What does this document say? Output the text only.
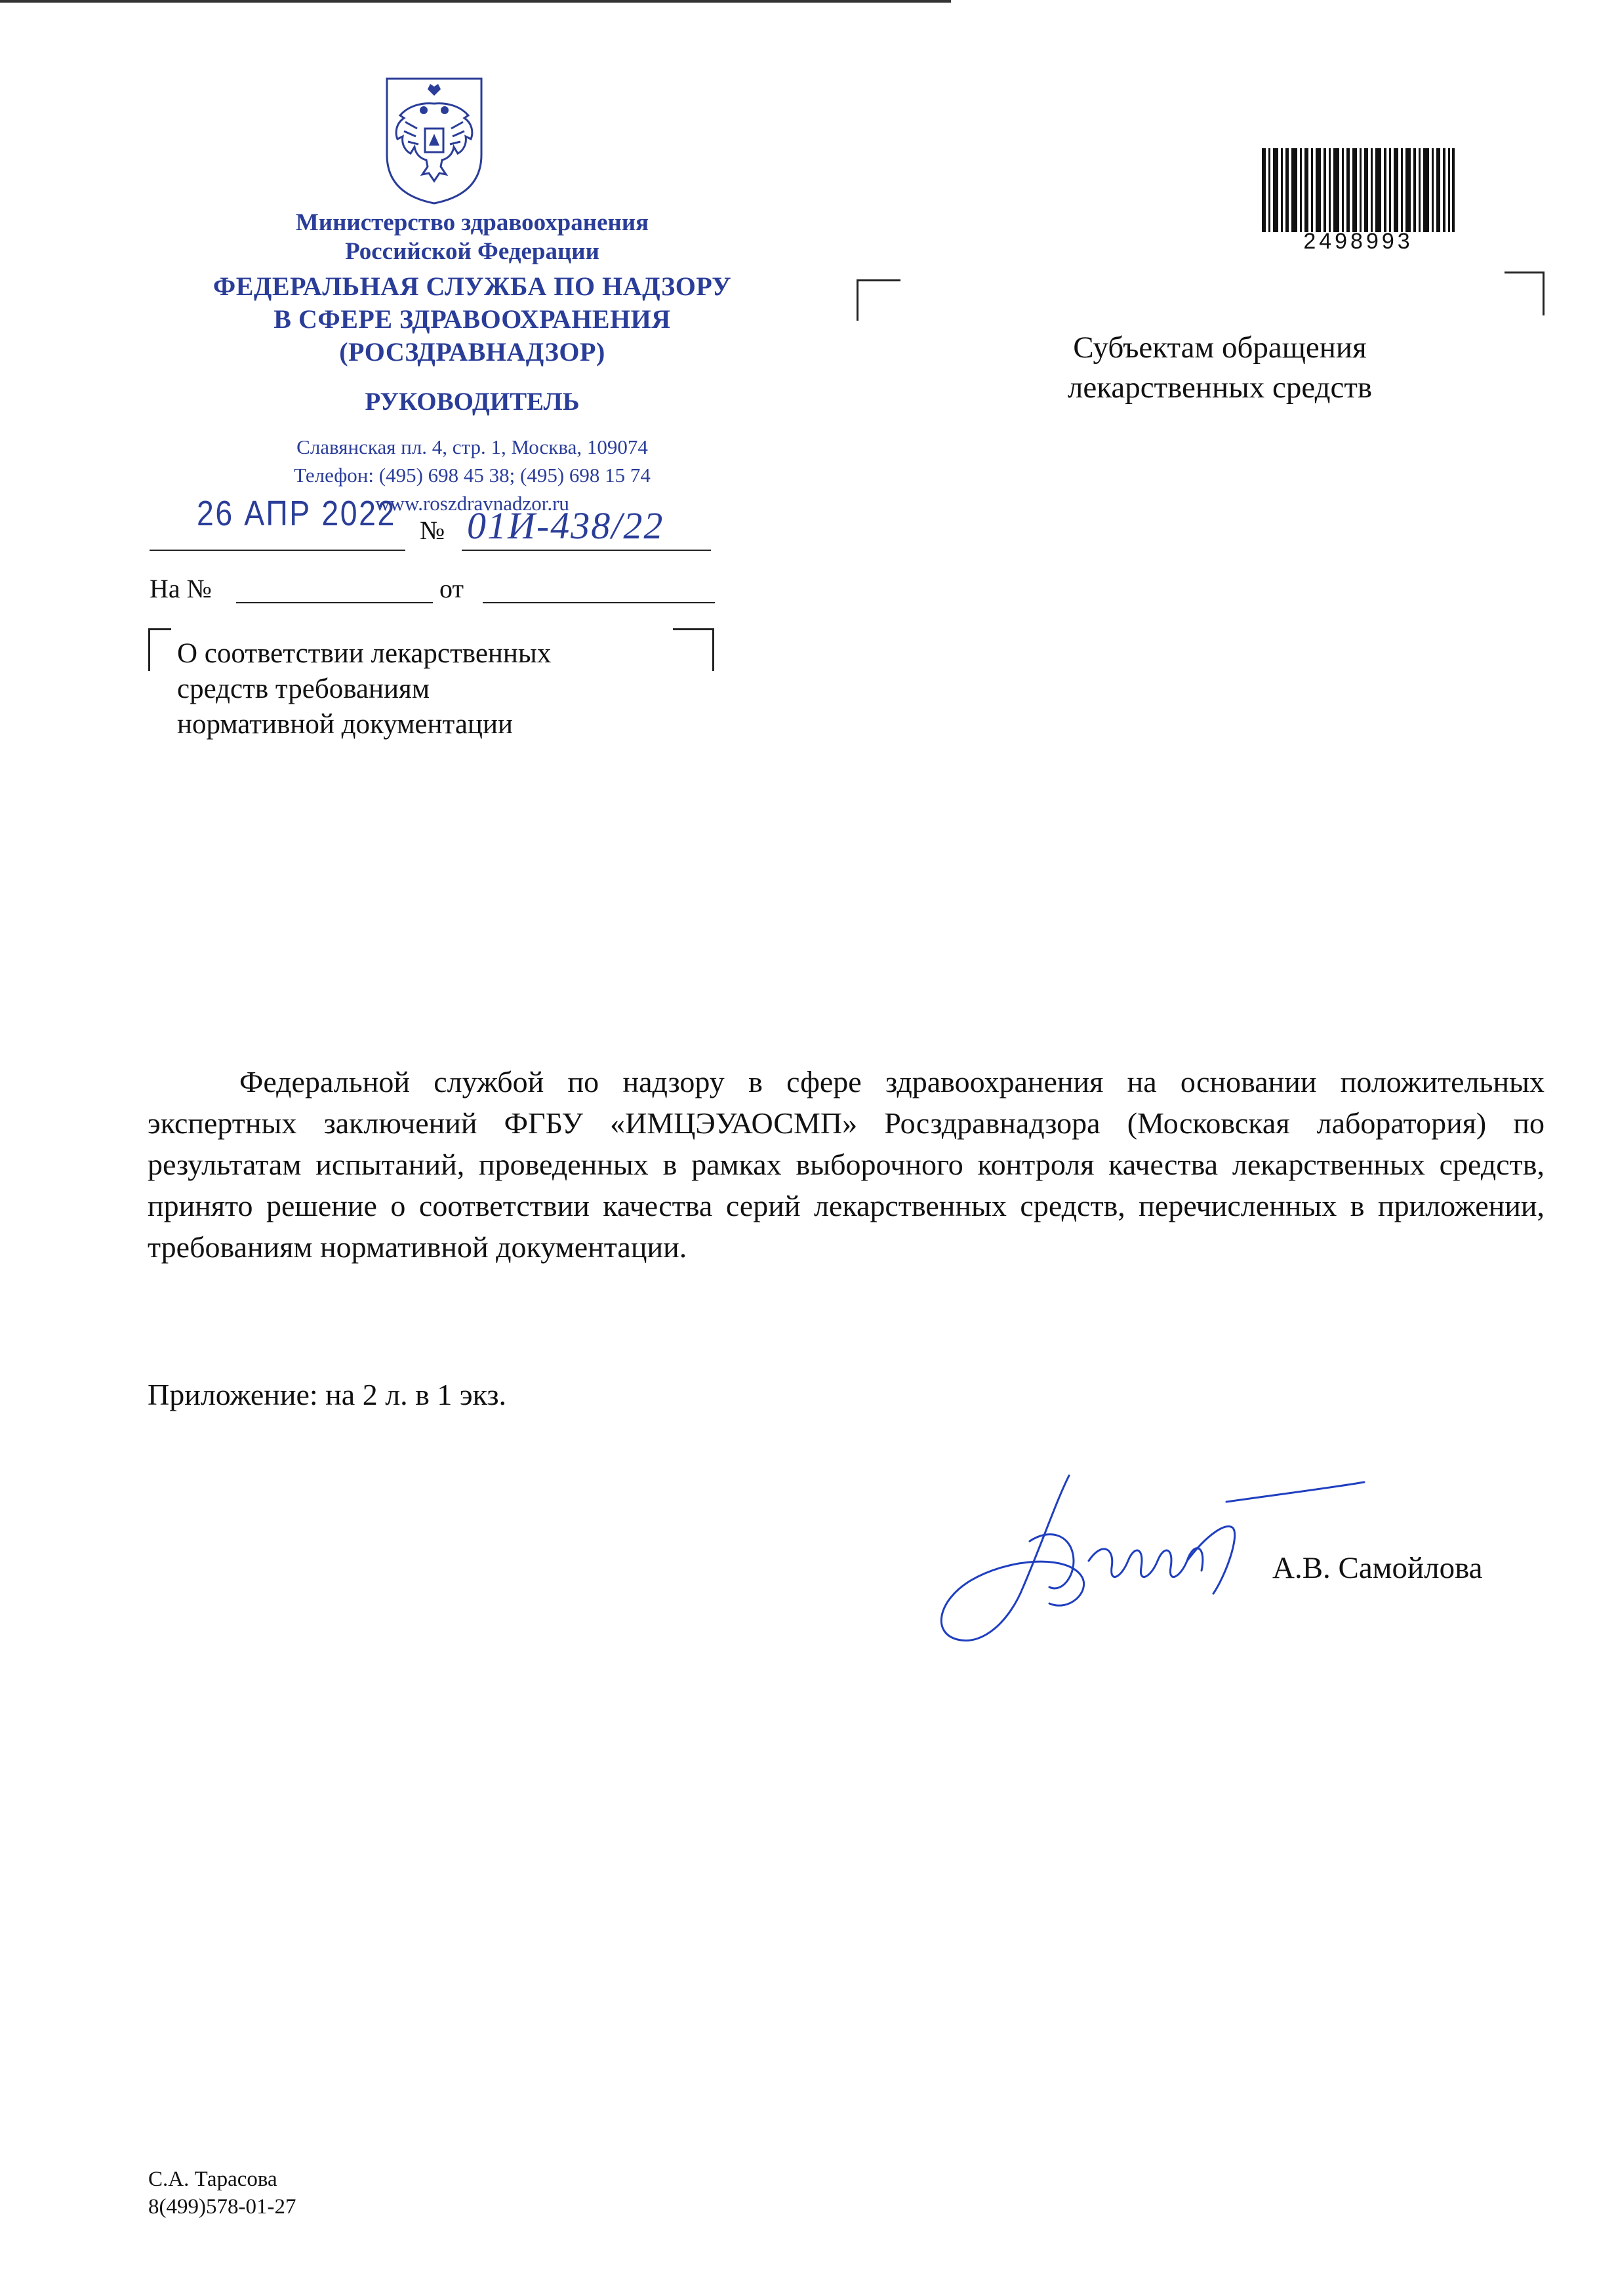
Министерство здравоохранения
Российской Федерации
ФЕДЕРАЛЬНАЯ СЛУЖБА ПО НАДЗОРУ
В СФЕРЕ ЗДРАВООХРАНЕНИЯ
(РОСЗДРАВНАДЗОР)
РУКОВОДИТЕЛЬ
Славянская пл. 4, стр. 1, Москва, 109074
Телефон: (495) 698 45 38; (495) 698 15 74
www.roszdravnadzor.ru
26 АПР 2022 № 01И-438/22
На №	от
О соответствии лекарственных
средств требованиям
нормативной документации
2498993
Субъектам обращения
лекарственных средств

Федеральной службой по надзору в сфере здравоохранения на основании положительных экспертных заключений ФГБУ «ИМЦЭУАОСМП» Росздравнадзора (Московская лаборатория) по результатам испытаний, проведенных в рамках выборочного контроля качества лекарственных средств, принято решение о соответствии качества серий лекарственных средств, перечисленных в приложении, требованиям нормативной документации.

Приложение: на 2 л. в 1 экз.
А.В. Самойлова
С.А. Тарасова
8(499)578-01-27
